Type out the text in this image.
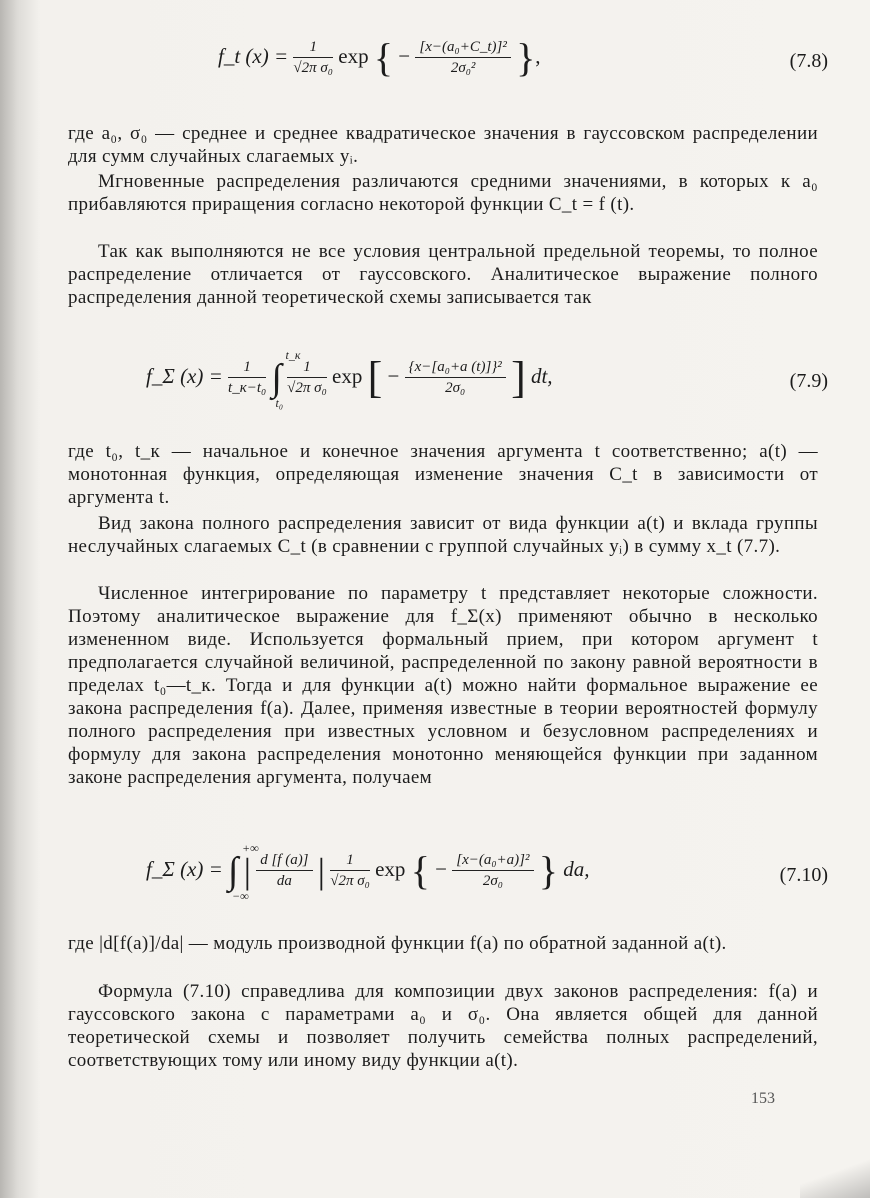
f_t $(x) = \frac{1}{\text{√2π σ₀}}$ exp { − $\frac{\text{[x−(a₀+C\_t)]²}}{\text{2σ₀²}}$ },	(7.8)

где a₀, σ₀ — среднее и среднее квадратическое значения в гауссовском распределении для сумм случайных слагаемых yᵢ.

Мгновенные распределения различаются средними значениями, в которых к a₀ прибавляются приращения согласно некоторой функции C_t = f (t).

Так как выполняются не все условия центральной предельной теоремы, то полное распределение отличается от гауссовского. Аналитическое выражение полного распределения данной теоретической схемы записывается так

f_Σ $(x) = \frac{1}{\text{t\_к−t₀}}$ ∫
t_к
t₀

$\frac{1}{\text{√2π σ₀}}$ exp [ − $\frac{\text{\{x−[a₀+a (t)]\}²}}{\text{2σ₀}}$ ] dt,	(7.9)

где t₀, t_к — начальное и конечное значения аргумента t соответственно; a(t) — монотонная функция, определяющая изменение значения C_t в зависимости от аргумента t.

Вид закона полного распределения зависит от вида функции a(t) и вклада группы неслучайных слагаемых C_t (в сравнении с группой случайных yᵢ) в сумму x_t (7.7).

Численное интегрирование по параметру t представляет некоторые сложности. Поэтому аналитическое выражение для f_Σ(x) применяют обычно в несколько измененном виде. Используется формальный прием, при котором аргумент t предполагается случайной величиной, распределенной по закону равной вероятности в пределах t₀—t_к. Тогда и для функции a(t) можно найти формальное выражение ее закона распределения f(a). Далее, применяя известные в теории вероятностей формулу полного распределения при известных условном и безусловном распределениях и формулу для закона распределения монотонно меняющейся функции при заданном законе распределения аргумента, получаем

f_Σ (x) = ∫
+∞
−∞
| $\frac{d [f (a)]}{da}$ | $\frac{1}{\text{√2π σ₀}}$ exp { − $\frac{\text{[x−(a₀+a)]²}}{\text{2σ₀}}$ } da,	(7.10)

где |d[f(a)]/da| — модуль производной функции f(a) по обратной заданной a(t).

Формула (7.10) справедлива для композиции двух законов распределения: f(a) и гауссовского закона с параметрами a₀ и σ₀. Она является общей для данной теоретической схемы и позволяет получить семейства полных распределений, соответствующих тому или иному виду функции a(t).

153
